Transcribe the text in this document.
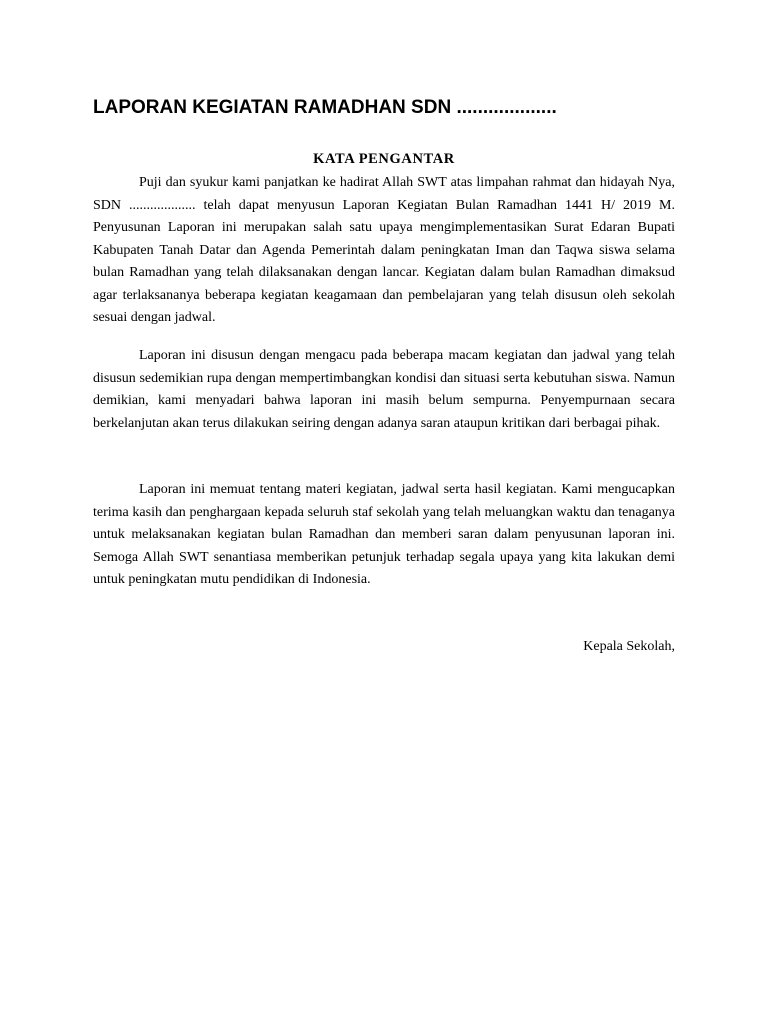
LAPORAN KEGIATAN RAMADHAN SDN ...................
KATA PENGANTAR

Puji dan syukur kami panjatkan ke hadirat Allah SWT atas limpahan rahmat dan hidayah Nya, SDN ................... telah dapat menyusun Laporan Kegiatan Bulan Ramadhan 1441 H/ 2019 M. Penyusunan Laporan ini merupakan salah satu upaya mengimplementasikan Surat Edaran Bupati Kabupaten Tanah Datar dan Agenda Pemerintah dalam peningkatan Iman dan Taqwa siswa selama bulan Ramadhan yang telah dilaksanakan dengan lancar. Kegiatan dalam bulan Ramadhan dimaksud agar terlaksananya beberapa kegiatan keagamaan dan pembelajaran yang telah disusun oleh sekolah sesuai dengan jadwal.

Laporan ini disusun dengan mengacu pada beberapa macam kegiatan dan jadwal yang telah disusun sedemikian rupa dengan mempertimbangkan kondisi dan situasi serta kebutuhan siswa. Namun demikian, kami menyadari bahwa laporan ini masih belum sempurna. Penyempurnaan secara berkelanjutan akan terus dilakukan seiring dengan adanya saran ataupun kritikan dari berbagai pihak.

Laporan ini memuat tentang materi kegiatan, jadwal serta hasil kegiatan. Kami mengucapkan terima kasih dan penghargaan kepada seluruh staf sekolah yang telah meluangkan waktu dan tenaganya untuk melaksanakan kegiatan bulan Ramadhan dan memberi saran dalam penyusunan laporan ini. Semoga Allah SWT senantiasa memberikan petunjuk terhadap segala upaya yang kita lakukan demi untuk peningkatan mutu pendidikan di Indonesia.

Kepala Sekolah,
